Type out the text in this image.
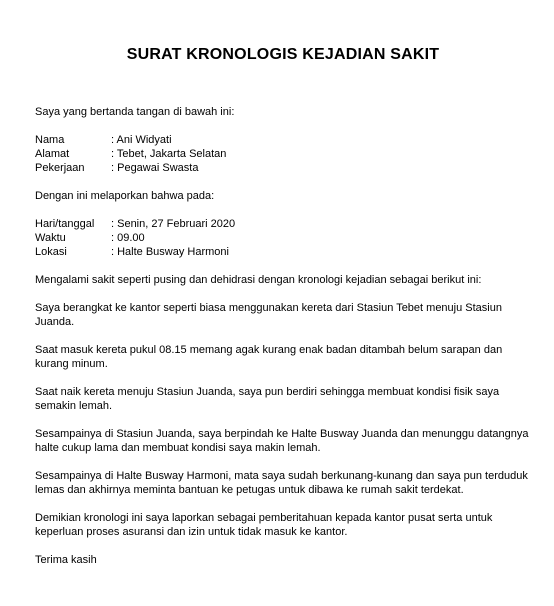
SURAT KRONOLOGIS KEJADIAN SAKIT

Saya yang bertanda tangan di bawah ini:

Nama	: Ani Widyati
Alamat	: Tebet, Jakarta Selatan
Pekerjaan	: Pegawai Swasta

Dengan ini melaporkan bahwa pada:

Hari/tanggal	: Senin, 27 Februari 2020
Waktu	: 09.00
Lokasi	: Halte Busway Harmoni

Mengalami sakit seperti pusing dan dehidrasi dengan kronologi kejadian sebagai berikut ini:

Saya berangkat ke kantor seperti biasa menggunakan kereta dari Stasiun Tebet menuju Stasiun Juanda.

Saat masuk kereta pukul 08.15 memang agak kurang enak badan ditambah belum sarapan dan kurang minum.

Saat naik kereta menuju Stasiun Juanda, saya pun berdiri sehingga membuat kondisi fisik saya semakin lemah.

Sesampainya di Stasiun Juanda, saya berpindah ke Halte Busway Juanda dan menunggu datangnya halte cukup lama dan membuat kondisi saya makin lemah.

Sesampainya di Halte Busway Harmoni, mata saya sudah berkunang-kunang dan saya pun terduduk lemas dan akhirnya meminta bantuan ke petugas untuk dibawa ke rumah sakit terdekat.

Demikian kronologi ini saya laporkan sebagai pemberitahuan kepada kantor pusat serta untuk keperluan proses asuransi dan izin untuk tidak masuk ke kantor.

Terima kasih
